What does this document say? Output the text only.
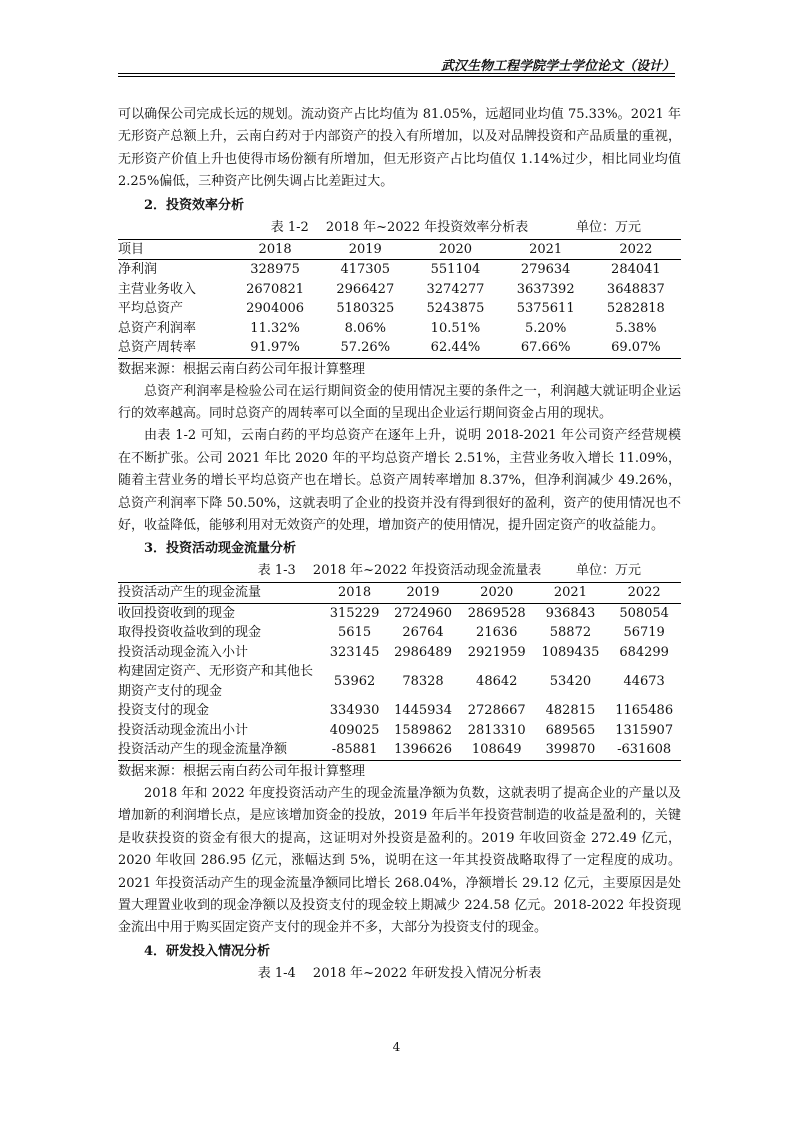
武汉生物工程学院学士学位论文（设计）

可以确保公司完成长远的规划。流动资产占比均值为 81.05%，远超同业均值 75.33%。2021 年无形资产总额上升，云南白药对于内部资产的投入有所增加，以及对品牌投资和产品质量的重视，无形资产价值上升也使得市场份额有所增加，但无形资产占比均值仅 1.14%过少，相比同业均值 2.25%偏低，三种资产比例失调占比差距过大。

2．投资效率分析
表 1-2　 2018 年~2022 年投资效率分析表	单位：万元
项目	2018	2019	2020	2021	2022
净利润	328975	417305	551104	279634	284041
主营业务收入	2670821	2966427	3274277	3637392	3648837
平均总资产	2904006	5180325	5243875	5375611	5282818
总资产利润率	11.32%	8.06%	10.51%	5.20%	5.38%
总资产周转率	91.97%	57.26%	62.44%	67.66%	69.07%
数据来源：根据云南白药公司年报计算整理

总资产利润率是检验公司在运行期间资金的使用情况主要的条件之一，利润越大就证明企业运行的效率越高。同时总资产的周转率可以全面的呈现出企业运行期间资金占用的现状。

由表 1-2 可知，云南白药的平均总资产在逐年上升，说明 2018-2021 年公司资产经营规模在不断扩张。公司 2021 年比 2020 年的平均总资产增长 2.51%，主营业务收入增长 11.09%，随着主营业务的增长平均总资产也在增长。总资产周转率增加 8.37%，但净利润减少 49.26%，总资产利润率下降 50.50%，这就表明了企业的投资并没有得到很好的盈利，资产的使用情况也不好，收益降低，能够利用对无效资产的处理，增加资产的使用情况，提升固定资产的收益能力。

3．投资活动现金流量分析
表 1-3　 2018 年~2022 年投资活动现金流量表	单位：万元
投资活动产生的现金流量	2018	2019	2020	2021	2022
收回投资收到的现金	315229	2724960	2869528	936843	508054
取得投资收益收到的现金	5615	26764	21636	58872	56719
投资活动现金流入小计	323145	2986489	2921959	1089435	684299
构建固定资产、无形资产和其他长期资产支付的现金	53962	78328	48642	53420	44673
投资支付的现金	334930	1445934	2728667	482815	1165486
投资活动现金流出小计	409025	1589862	2813310	689565	1315907
投资活动产生的现金流量净额	-85881	1396626	108649	399870	-631608
数据来源：根据云南白药公司年报计算整理

2018 年和 2022 年度投资活动产生的现金流量净额为负数，这就表明了提高企业的产量以及增加新的利润增长点，是应该增加资金的投放，2019 年后半年投资营制造的收益是盈利的，关键是收获投资的资金有很大的提高，这证明对外投资是盈利的。2019 年收回资金 272.49 亿元，2020 年收回 286.95 亿元，涨幅达到 5%，说明在这一年其投资战略取得了一定程度的成功。2021 年投资活动产生的现金流量净额同比增长 268.04%，净额增长 29.12 亿元，主要原因是处置大理置业收到的现金净额以及投资支付的现金较上期减少 224.58 亿元。2018-2022 年投资现金流出中用于购买固定资产支付的现金并不多，大部分为投资支付的现金。

4．研发投入情况分析
表 1-4　 2018 年~2022 年研发投入情况分析表
4
